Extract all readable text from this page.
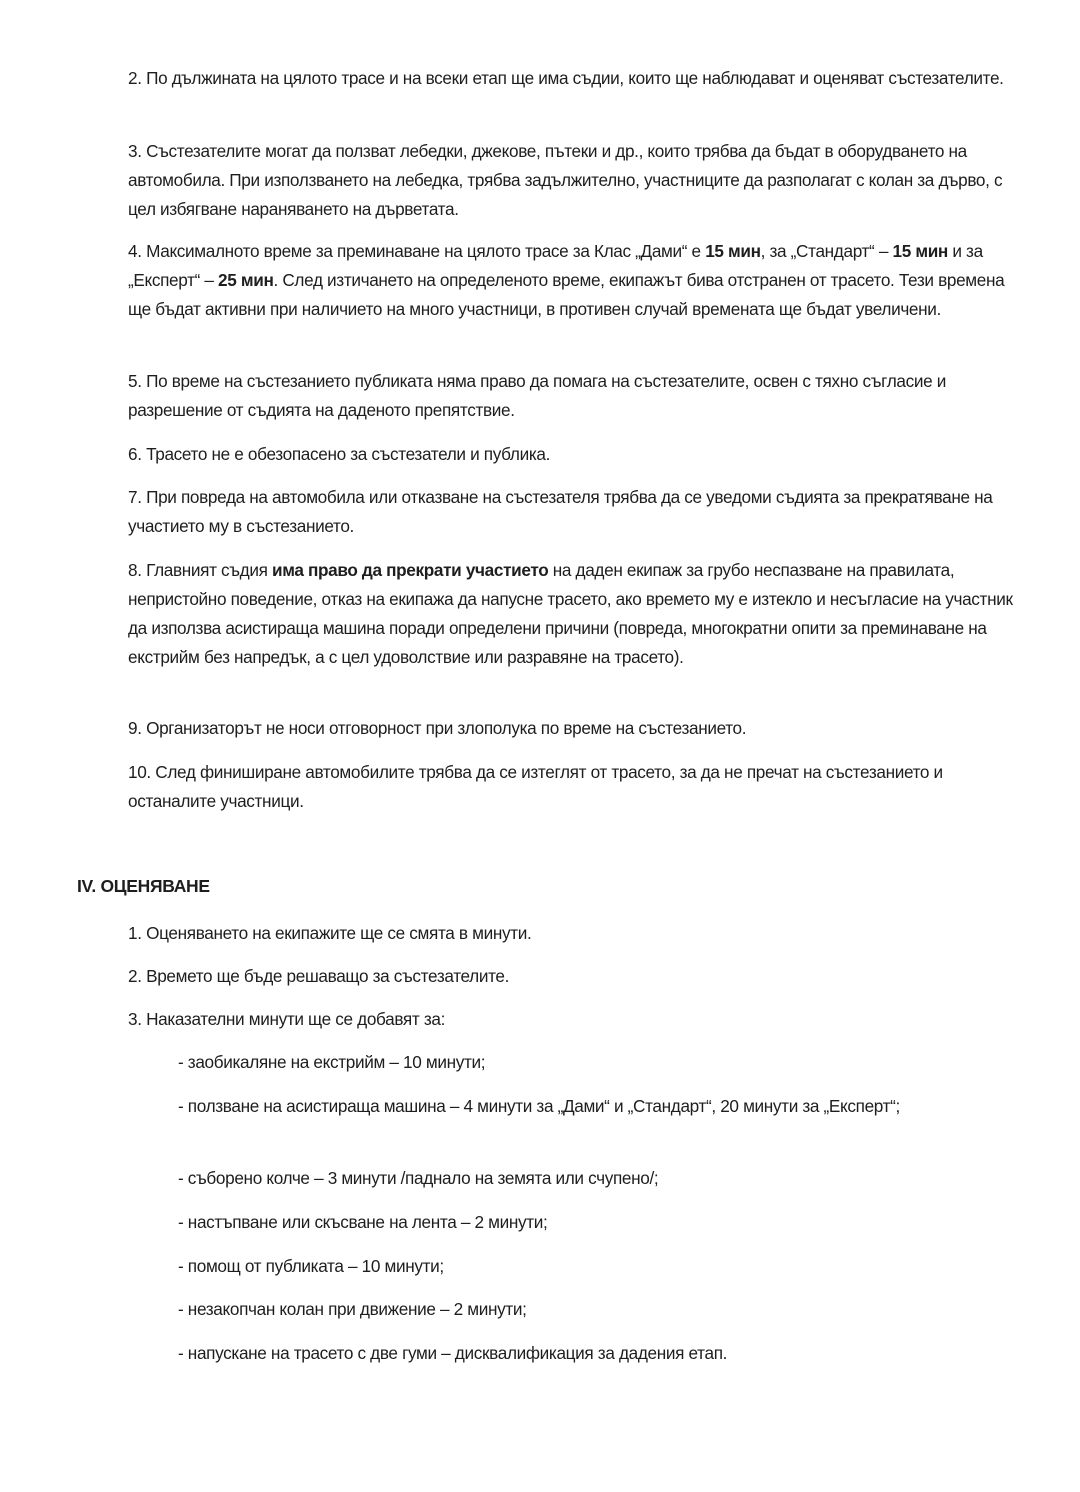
2. По дължината на цялото трасе и на всеки етап ще има съдии, които ще наблюдават и оценяват състезателите.

3. Състезателите могат да ползват лебедки, джекове, пътеки и др., които трябва да бъдат в оборудването на автомобила. При използването на лебедка, трябва задължително, участниците да разполагат с колан за дърво, с цел избягване нараняването на дърветата.

4. Максималното време за преминаване на цялото трасе за Клас „Дами“ е 15 мин, за „Стандарт“ – 15 мин и за „Експерт“ – 25 мин. След изтичането на определеното време, екипажът бива отстранен от трасето. Тези времена ще бъдат активни при наличието на много участници, в противен случай времената ще бъдат увеличени.

5. По време на състезанието публиката няма право да помага на състезателите, освен с тяхно съгласие и разрешение от съдията на даденото препятствие.

6. Трасето не е обезопасено за състезатели и публика.

7. При повреда на автомобила или отказване на състезателя трябва да се уведоми съдията за прекратяване на участието му в състезанието.

8. Главният съдия има право да прекрати участието на даден екипаж за грубо неспазване на правилата, непристойно поведение, отказ на екипажа да напусне трасето, ако времето му е изтекло и несъгласие на участник да използва асистираща машина поради определени причини (повреда, многократни опити за преминаване на екстрийм без напредък, а с цел удоволствие или разравяне на трасето).

9. Организаторът не носи отговорност при злополука по време на състезанието.

10. След финиширане автомобилите трябва да се изтеглят от трасето, за да не пречат на състезанието и останалите участници.

IV. ОЦЕНЯВАНЕ

1. Оценяването на екипажите ще се смята в минути.

2. Времето ще бъде решаващо за състезателите.

3. Наказателни минути ще се добавят за:

- заобикаляне на екстрийм – 10 минути;

- ползване на асистираща машина – 4 минути за „Дами“ и „Стандарт“, 20 минути за „Експерт“;

- съборено колче – 3 минути /паднало на земята или счупено/;

- настъпване или скъсване на лента – 2 минути;

- помощ от публиката – 10 минути;

- незакопчан колан при движение – 2 минути;

- напускане на трасето с две гуми – дисквалификация за дадения етап.
